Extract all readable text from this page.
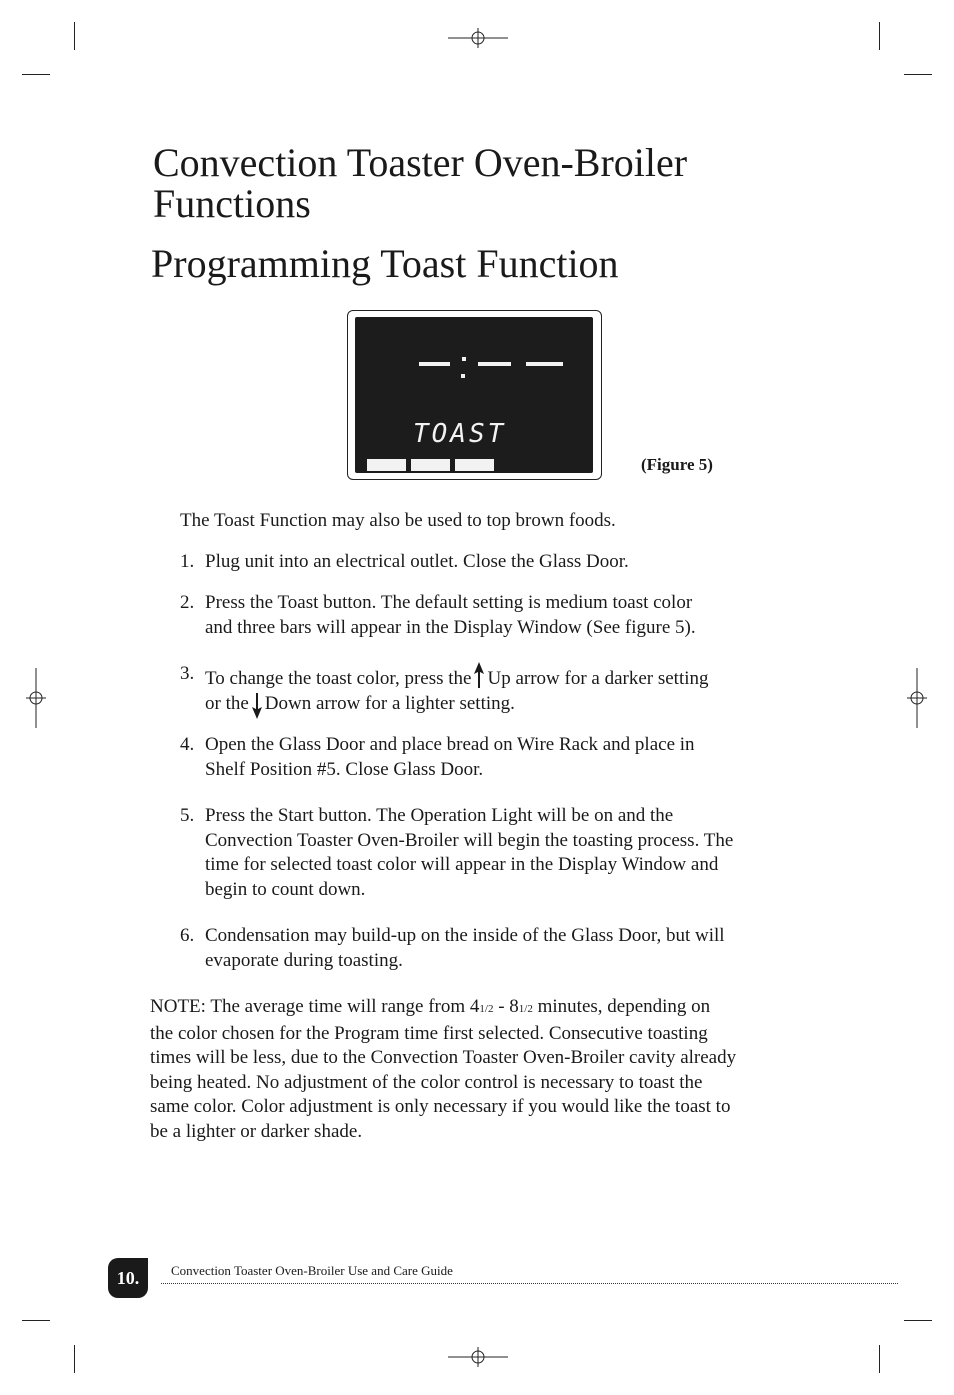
Convection Toaster Oven-Broiler
Functions
Programming Toast Function
TOAST
(Figure 5)
The Toast Function may also be used to top brown foods.
1. Plug unit into an electrical outlet. Close the Glass Door.
2. Press the Toast button. The default setting is medium toast color
and three bars will appear in the Display Window (See figure 5).
3. To change the toast color, press the Up arrow for a darker setting
or the Down arrow for a lighter setting.
4. Open the Glass Door and place bread on Wire Rack and place in
Shelf Position #5. Close Glass Door.
5. Press the Start button. The Operation Light will be on and the
Convection Toaster Oven-Broiler will begin the toasting process. The
time for selected toast color will appear in the Display Window and
begin to count down.
6. Condensation may build-up on the inside of the Glass Door, but will
evaporate during toasting.
NOTE: The average time will range from 41/2 - 81/2 minutes, depending on
the color chosen for the Program time first selected. Consecutive toasting
times will be less, due to the Convection Toaster Oven-Broiler cavity already
being heated. No adjustment of the color control is necessary to toast the
same color. Color adjustment is only necessary if you would like the toast to
be a lighter or darker shade.
10.	Convection Toaster Oven-Broiler Use and Care Guide
